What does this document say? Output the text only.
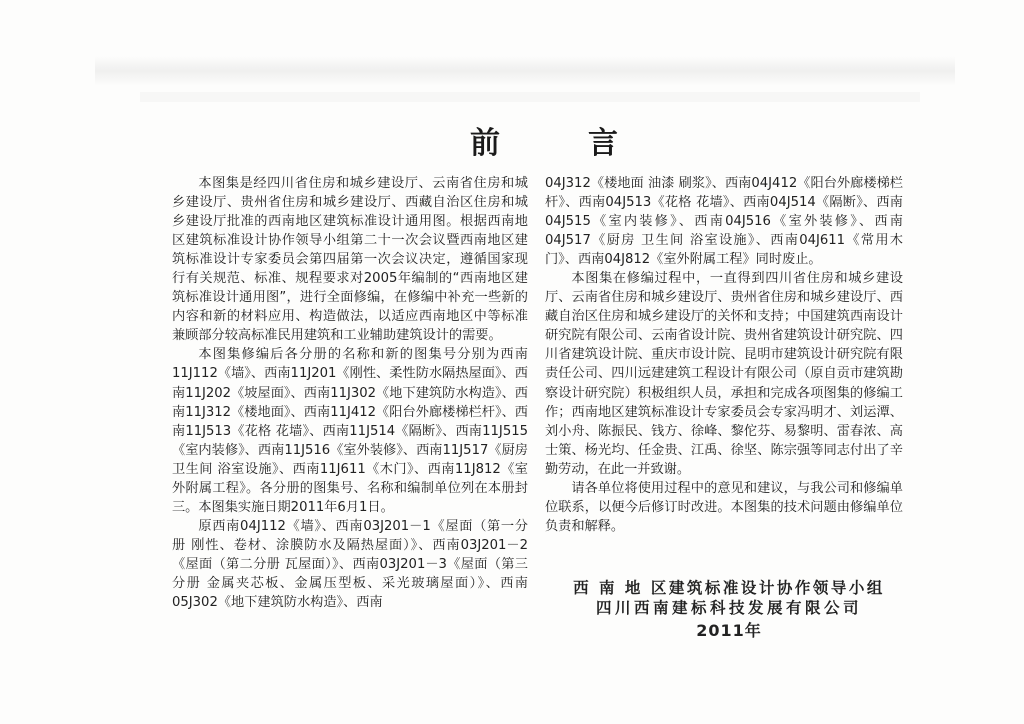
前	言

本图集是经四川省住房和城乡建设厅、云南省住房和城乡建设厅、贵州省住房和城乡建设厅、西藏自治区住房和城乡建设厅批准的西南地区建筑标准设计通用图。根据西南地区建筑标准设计协作领导小组第二十一次会议暨西南地区建筑标准设计专家委员会第四届第一次会议决定，遵循国家现行有关规范、标准、规程要求对2005年编制的“西南地区建筑标准设计通用图”，进行全面修编，在修编中补充一些新的内容和新的材料应用、构造做法，以适应西南地区中等标准兼顾部分较高标准民用建筑和工业辅助建筑设计的需要。

本图集修编后各分册的名称和新的图集号分别为西南11J112《墙》、西南11J201《刚性、柔性防水隔热屋面》、西南11J202《坡屋面》、西南11J302《地下建筑防水构造》、西南11J312《楼地面》、西南11J412《阳台外廊楼梯栏杆》、西南11J513《花格 花墙》、西南11J514《隔断》、西南11J515《室内装修》、西南11J516《室外装修》、西南11J517《厨房 卫生间 浴室设施》、西南11J611《木门》、西南11J812《室外附属工程》。各分册的图集号、名称和编制单位列在本册封三。本图集实施日期2011年6月1日。

原西南04J112《墙》、西南03J201－1《屋面（第一分册 刚性、卷材、涂膜防水及隔热屋面）》、西南03J201－2《屋面（第二分册 瓦屋面）》、西南03J201－3《屋面（第三分册 金属夹芯板、金属压型板、采光玻璃屋面）》、西南05J302《地下建筑防水构造》、西南

04J312《楼地面 油漆 刷浆》、西南04J412《阳台外廊楼梯栏杆》、西南04J513《花格 花墙》、西南04J514《隔断》、西南04J515《室内装修》、西南04J516《室外装修》、西南04J517《厨房 卫生间 浴室设施》、西南04J611《常用木门》、西南04J812《室外附属工程》同时废止。

本图集在修编过程中，一直得到四川省住房和城乡建设厅、云南省住房和城乡建设厅、贵州省住房和城乡建设厅、西藏自治区住房和城乡建设厅的关怀和支持；中国建筑西南设计研究院有限公司、云南省设计院、贵州省建筑设计研究院、四川省建筑设计院、重庆市设计院、昆明市建筑设计研究院有限责任公司、四川远建建筑工程设计有限公司（原自贡市建筑勘察设计研究院）积极组织人员，承担和完成各项图集的修编工作；西南地区建筑标准设计专家委员会专家冯明才、刘运潭、刘小舟、陈振民、钱方、徐峰、黎佗芬、易黎明、雷春浓、高士策、杨光均、任金贵、江禹、徐坚、陈宗强等同志付出了辛勤劳动，在此一并致谢。

请各单位将使用过程中的意见和建议，与我公司和修编单位联系，以便今后修订时改进。本图集的技术问题由修编单位负责和解释。

西 南 地 区建筑标准设计协作领导小组
四川西南建标科技发展有限公司
2011年
